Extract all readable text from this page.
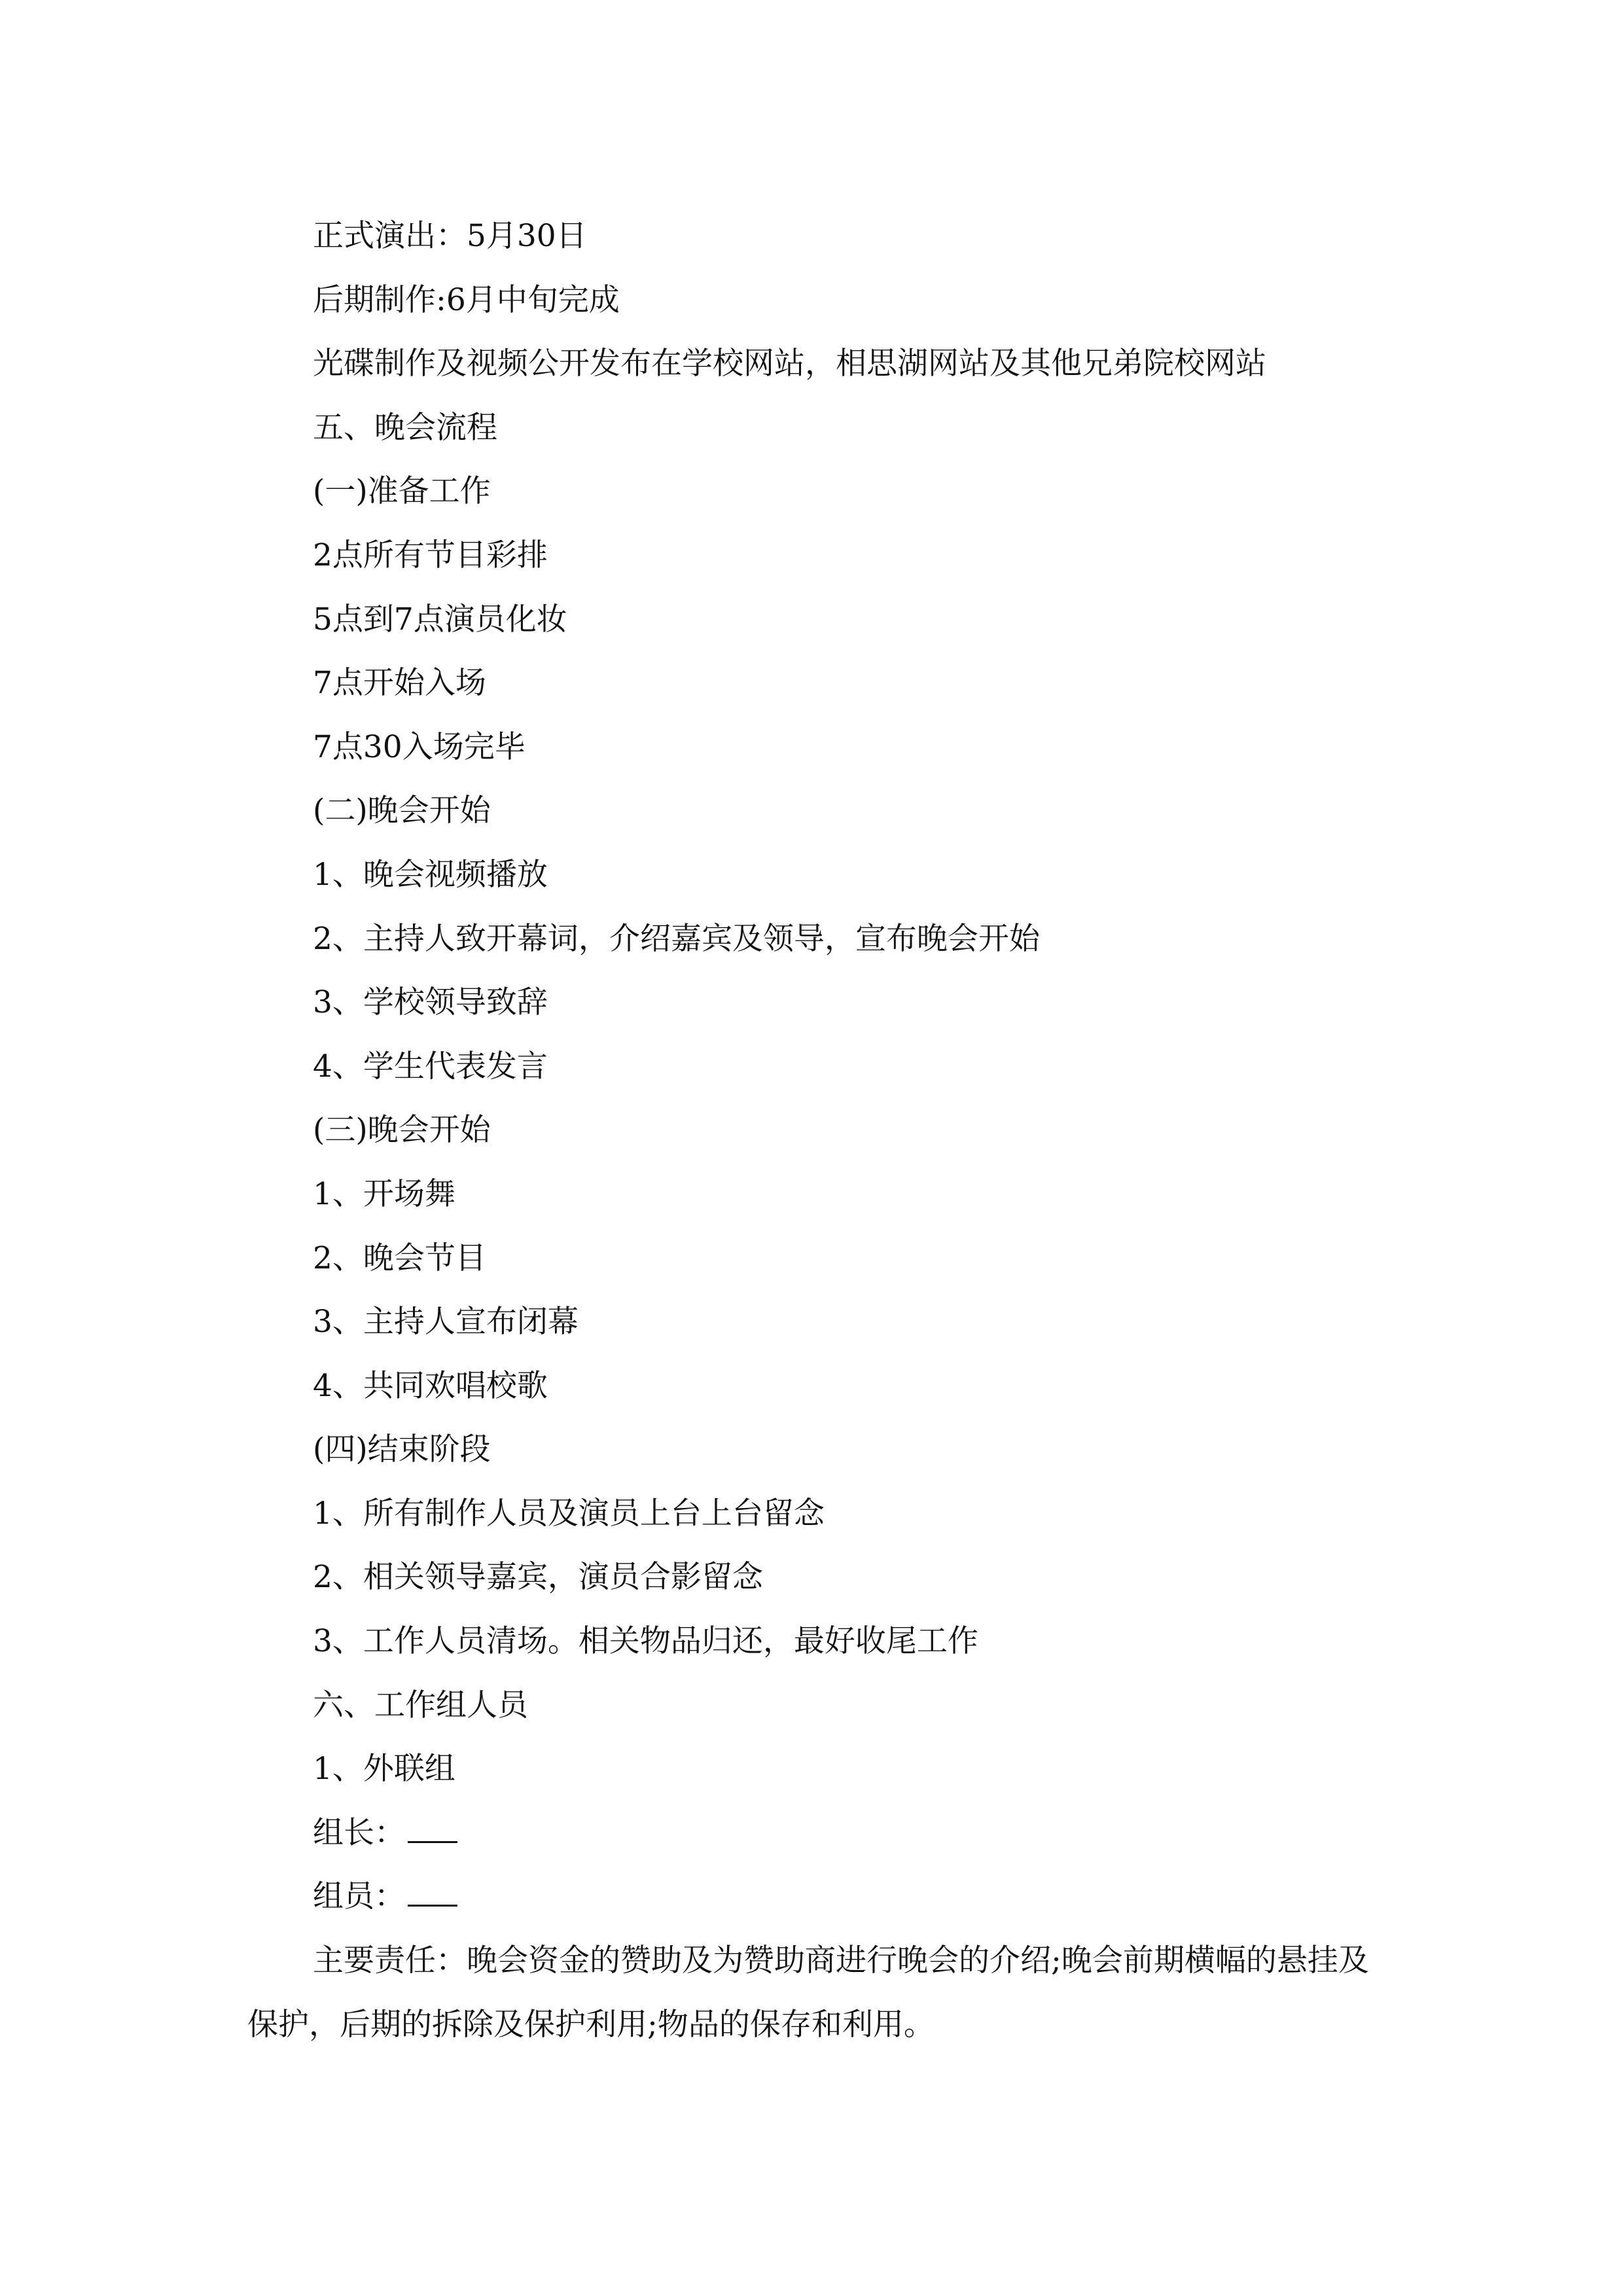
正式演出：5月30日
后期制作:6月中旬完成
光碟制作及视频公开发布在学校网站，相思湖网站及其他兄弟院校网站
五、晚会流程
(一)准备工作
2点所有节目彩排
5点到7点演员化妆
7点开始入场
7点30入场完毕
(二)晚会开始
1、晚会视频播放
2、主持人致开幕词，介绍嘉宾及领导，宣布晚会开始
3、学校领导致辞
4、学生代表发言
(三)晚会开始
1、开场舞
2、晚会节目
3、主持人宣布闭幕
4、共同欢唱校歌
(四)结束阶段
1、所有制作人员及演员上台上台留念
2、相关领导嘉宾，演员合影留念
3、工作人员清场。相关物品归还，最好收尾工作
六、工作组人员
1、外联组
组长：
组员：
主要责任：晚会资金的赞助及为赞助商进行晚会的介绍;晚会前期横幅的悬挂及保护，后期的拆除及保护利用;物品的保存和利用。
